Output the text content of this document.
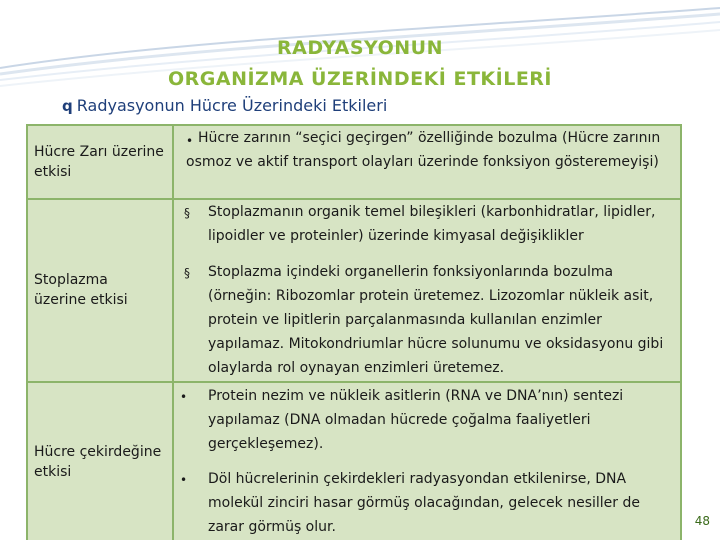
RADYASYONUN
ORGANİZMA ÜZERİNDEKİ ETKİLERİ
q Radyasyonun Hücre Üzerindeki Etkileri
Hücre Zarı üzerine etkisi
• Hücre zarının “seçici geçirgen” özelliğinde bozulma (Hücre zarının osmoz ve aktif transport olayları üzerinde fonksiyon gösteremeyişi)
Stoplazma üzerine etkisi
§ Stoplazmanın organik temel bileşikleri (karbonhidratlar, lipidler, lipoidler ve proteinler) üzerinde kimyasal değişiklikler
§ Stoplazma içindeki organellerin fonksiyonlarında bozulma (örneğin: Ribozomlar protein üretemez. Lizozomlar nükleik asit, protein ve lipitlerin parçalanmasında kullanılan enzimler yapılamaz. Mitokondriumlar hücre solunumu ve oksidasyonu gibi olaylarda rol oynayan enzimleri üretemez.
Hücre çekirdeğine etkisi
• Protein nezim ve nükleik asitlerin (RNA ve DNA’nın) sentezi yapılamaz (DNA olmadan hücrede çoğalma faaliyetleri gerçekleşemez).
• Döl hücrelerinin çekirdekleri radyasyondan etkilenirse, DNA molekül zinciri hasar görmüş olacağından, gelecek nesiller de zarar görmüş olur.	48
